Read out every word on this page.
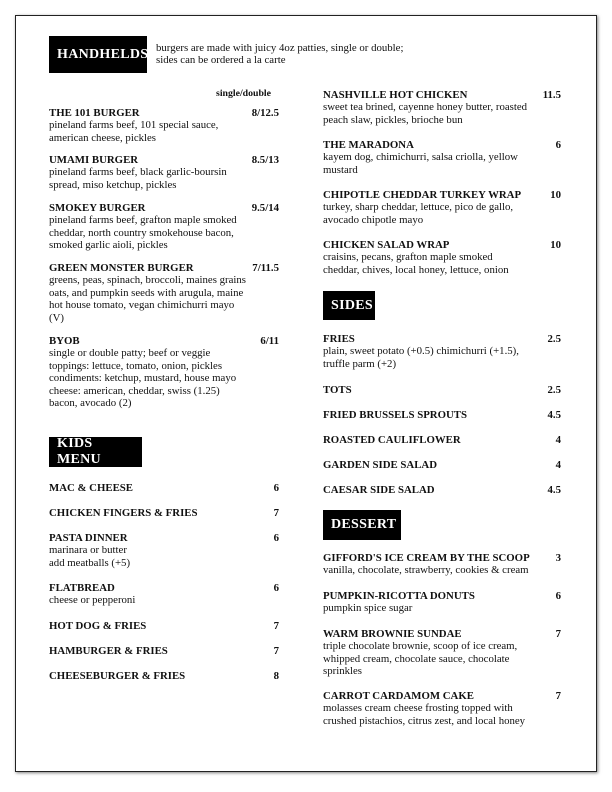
HANDHELDS burgers are made with juicy 4oz patties, single or double;
sides can be ordered a la carte
single/double
THE 101 BURGER	8/12.5
pineland farms beef, 101 special sauce,
american cheese, pickles
UMAMI BURGER	8.5/13
pineland farms beef, black garlic-boursin
spread, miso ketchup, pickles
SMOKEY BURGER	9.5/14
pineland farms beef, grafton maple smoked
cheddar, north country smokehouse bacon,
smoked garlic aioli, pickles
GREEN MONSTER BURGER	7/11.5
greens, peas, spinach, broccoli, maines grains
oats, and pumpkin seeds with arugula, maine
hot house tomato, vegan chimichurri mayo
(V)
BYOB	6/11
single or double patty; beef or veggie
toppings: lettuce, tomato, onion, pickles
condiments: ketchup, mustard, house mayo
cheese: american, cheddar, swiss (1.25)
bacon, avocado (2)
KIDS MENU
MAC & CHEESE	6
CHICKEN FINGERS & FRIES	7
PASTA DINNER	6
marinara or butter
add meatballs (+5)
FLATBREAD	6
cheese or pepperoni
HOT DOG & FRIES	7
HAMBURGER & FRIES	7
CHEESEBURGER & FRIES	8
NASHVILLE HOT CHICKEN	11.5
sweet tea brined, cayenne honey butter, roasted
peach slaw, pickles, brioche bun
THE MARADONA	6
kayem dog, chimichurri, salsa criolla, yellow
mustard
CHIPOTLE CHEDDAR TURKEY WRAP	10
turkey, sharp cheddar, lettuce, pico de gallo,
avocado chipotle mayo
CHICKEN SALAD WRAP	10
craisins, pecans, grafton maple smoked
cheddar, chives, local honey, lettuce, onion
SIDES
FRIES	2.5
plain, sweet potato (+0.5) chimichurri (+1.5),
truffle parm (+2)
TOTS	2.5
FRIED BRUSSELS SPROUTS	4.5
ROASTED CAULIFLOWER	4
GARDEN SIDE SALAD	4
CAESAR SIDE SALAD	4.5
DESSERT
GIFFORD'S ICE CREAM BY THE SCOOP 3
vanilla, chocolate, strawberry, cookies & cream
PUMPKIN-RICOTTA DONUTS	6
pumpkin spice sugar
WARM BROWNIE SUNDAE	7
triple chocolate brownie, scoop of ice cream,
whipped cream, chocolate sauce, chocolate
sprinkles
CARROT CARDAMOM CAKE	7
molasses cream cheese frosting topped with
crushed pistachios, citrus zest, and local honey
